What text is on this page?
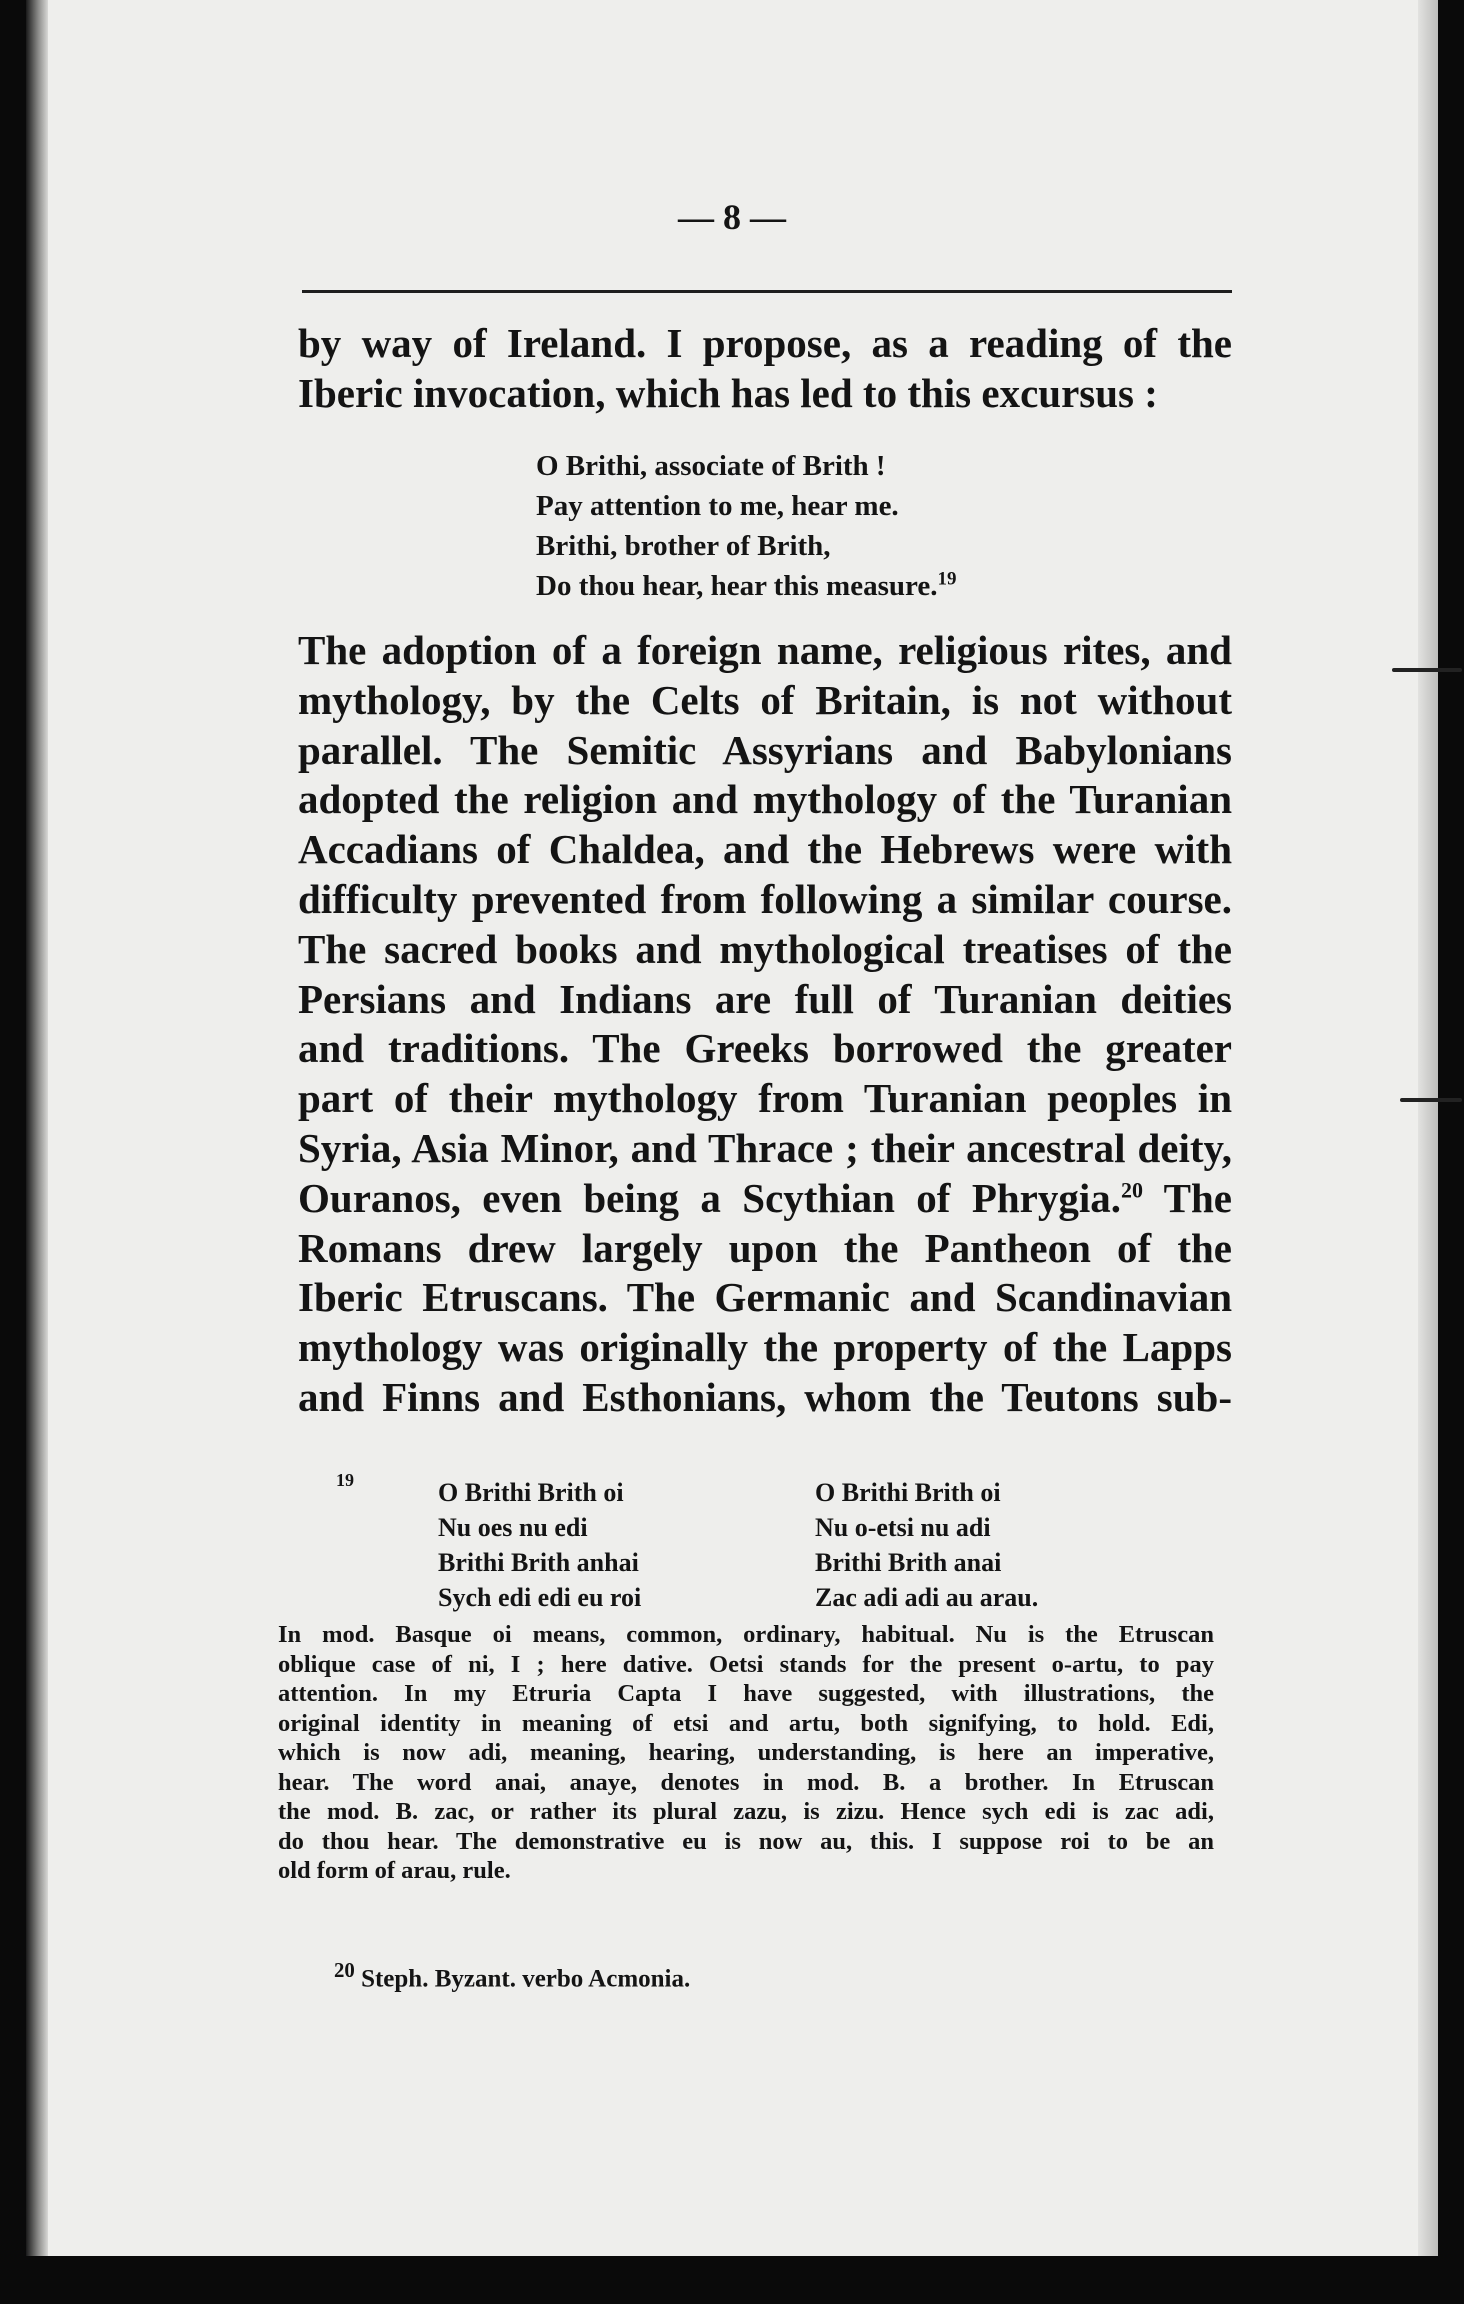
— 8 —
by way of Ireland. I propose, as a reading of the
Iberic invocation, which has led to this excursus :
O Brithi, associate of Brith !
Pay attention to me, hear me.
Brithi, brother of Brith,
Do thou hear, hear this measure.$^{19}$
The adoption of a foreign name, religious rites, and
mythology, by the Celts of Britain, is not without
parallel. The Semitic Assyrians and Babylonians
adopted the religion and mythology of the Turanian
Accadians of Chaldea, and the Hebrews were with
difficulty prevented from following a similar course.
The sacred books and mythological treatises of the
Persians and Indians are full of Turanian deities
and traditions. The Greeks borrowed the greater
part of their mythology from Turanian peoples in
Syria, Asia Minor, and Thrace ; their ancestral deity,
Ouranos, even being a Scythian of Phrygia.$^{20}$ The
Romans drew largely upon the Pantheon of the
Iberic Etruscans. The Germanic and Scandinavian
mythology was originally the property of the Lapps
and Finns and Esthonians, whom the Teutons sub-
19	O Brithi Brith oi
Nu oes nu edi
Brithi Brith anhai
Sych edi edi eu roi
O Brithi Brith oi
Nu o-etsi nu adi
Brithi Brith anai
Zac adi adi au arau.
In mod. Basque oi means, common, ordinary, habitual. Nu is the Etruscan
oblique case of ni, I ; here dative. Oetsi stands for the present o-artu, to pay
attention. In my Etruria Capta I have suggested, with illustrations, the
original identity in meaning of etsi and artu, both signifying, to hold. Edi,
which is now adi, meaning, hearing, understanding, is here an imperative,
hear. The word anai, anaye, denotes in mod. B. a brother. In Etruscan
the mod. B. zac, or rather its plural zazu, is zizu. Hence sych edi is zac adi,
do thou hear. The demonstrative eu is now au, this. I suppose roi to be an
old form of arau, rule.
$^{20}$ Steph. Byzant. verbo Acmonia.
